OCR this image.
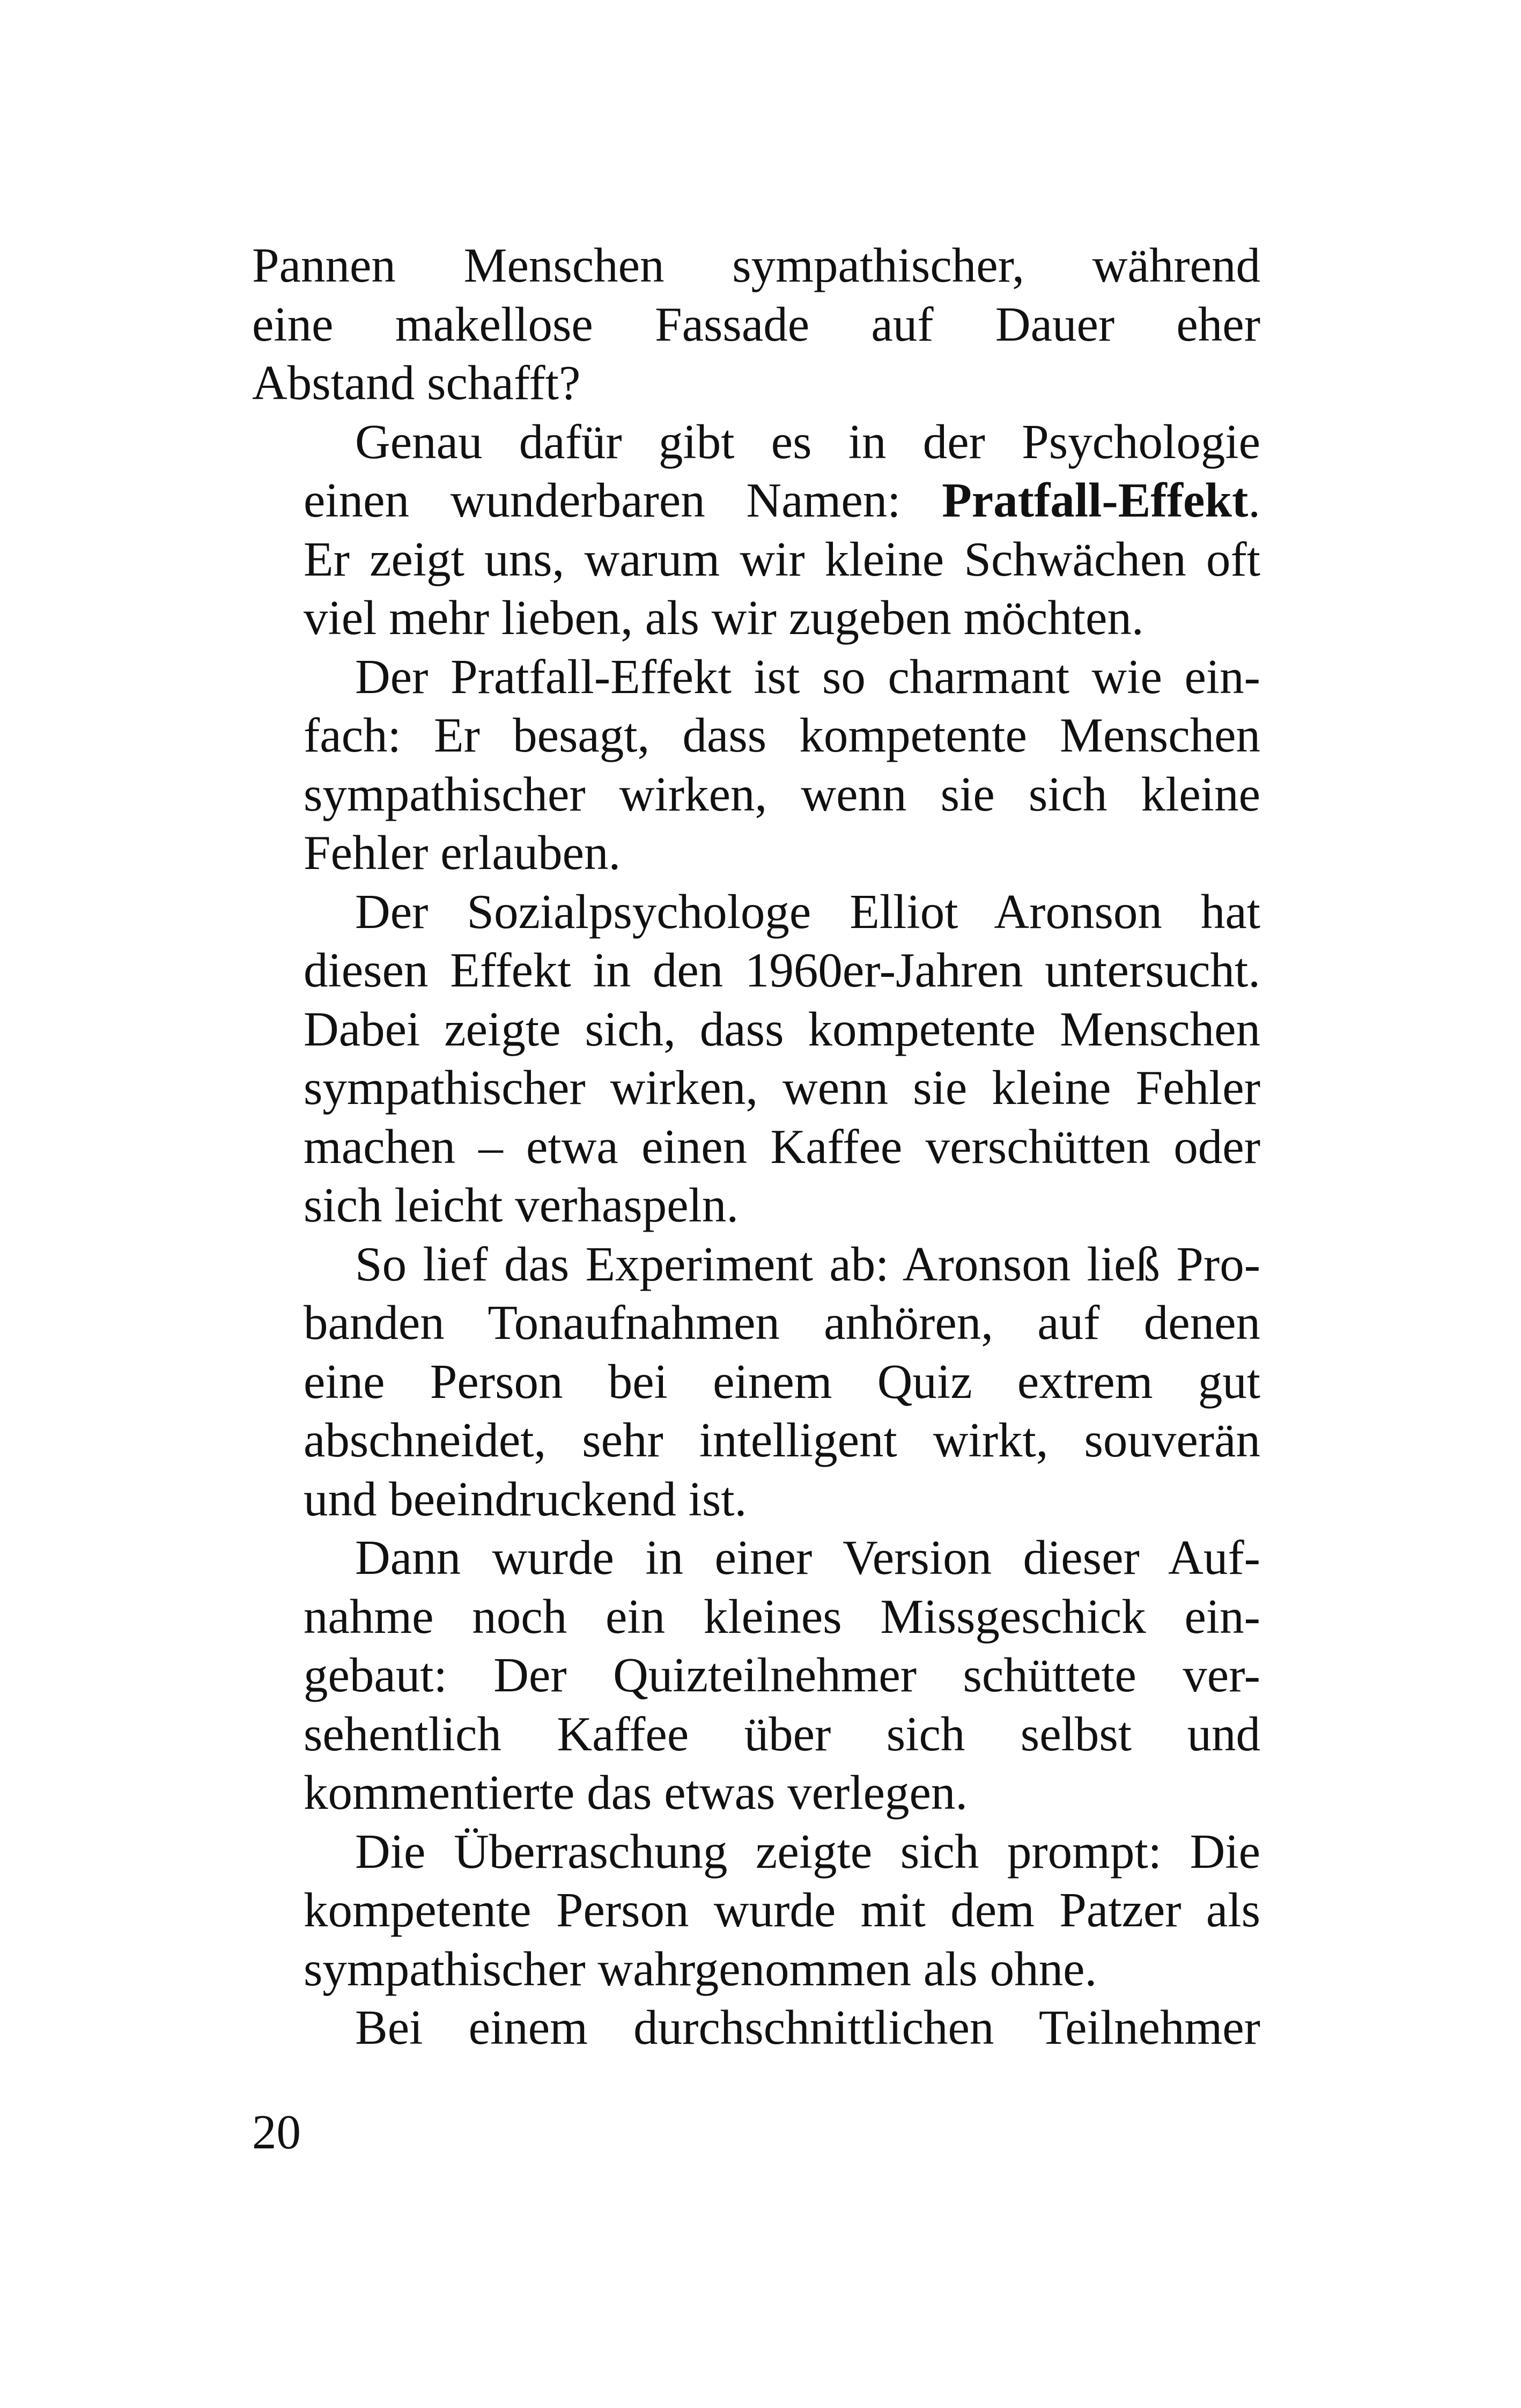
Pannen Menschen sympathischer, während
eine makellose Fassade auf Dauer eher
Abstand schafft?

Genau dafür gibt es in der Psychologie
einen wunderbaren Namen: Pratfall-Effekt.
Er zeigt uns, warum wir kleine Schwächen oft
viel mehr lieben, als wir zugeben möchten.

Der Pratfall-Effekt ist so charmant wie ein-
fach: Er besagt, dass kompetente Menschen
sympathischer wirken, wenn sie sich kleine
Fehler erlauben.

Der Sozialpsychologe Elliot Aronson hat
diesen Effekt in den 1960er-Jahren untersucht.
Dabei zeigte sich, dass kompetente Menschen
sympathischer wirken, wenn sie kleine Fehler
machen – etwa einen Kaffee verschütten oder
sich leicht verhaspeln.

So lief das Experiment ab: Aronson ließ Pro-
banden Tonaufnahmen anhören, auf denen
eine Person bei einem Quiz extrem gut
abschneidet, sehr intelligent wirkt, souverän
und beeindruckend ist.

Dann wurde in einer Version dieser Auf-
nahme noch ein kleines Missgeschick ein-
gebaut: Der Quizteilnehmer schüttete ver-
sehentlich Kaffee über sich selbst und
kommentierte das etwas verlegen.

Die Überraschung zeigte sich prompt: Die
kompetente Person wurde mit dem Patzer als
sympathischer wahrgenommen als ohne.

Bei einem durchschnittlichen Teilnehmer

20
